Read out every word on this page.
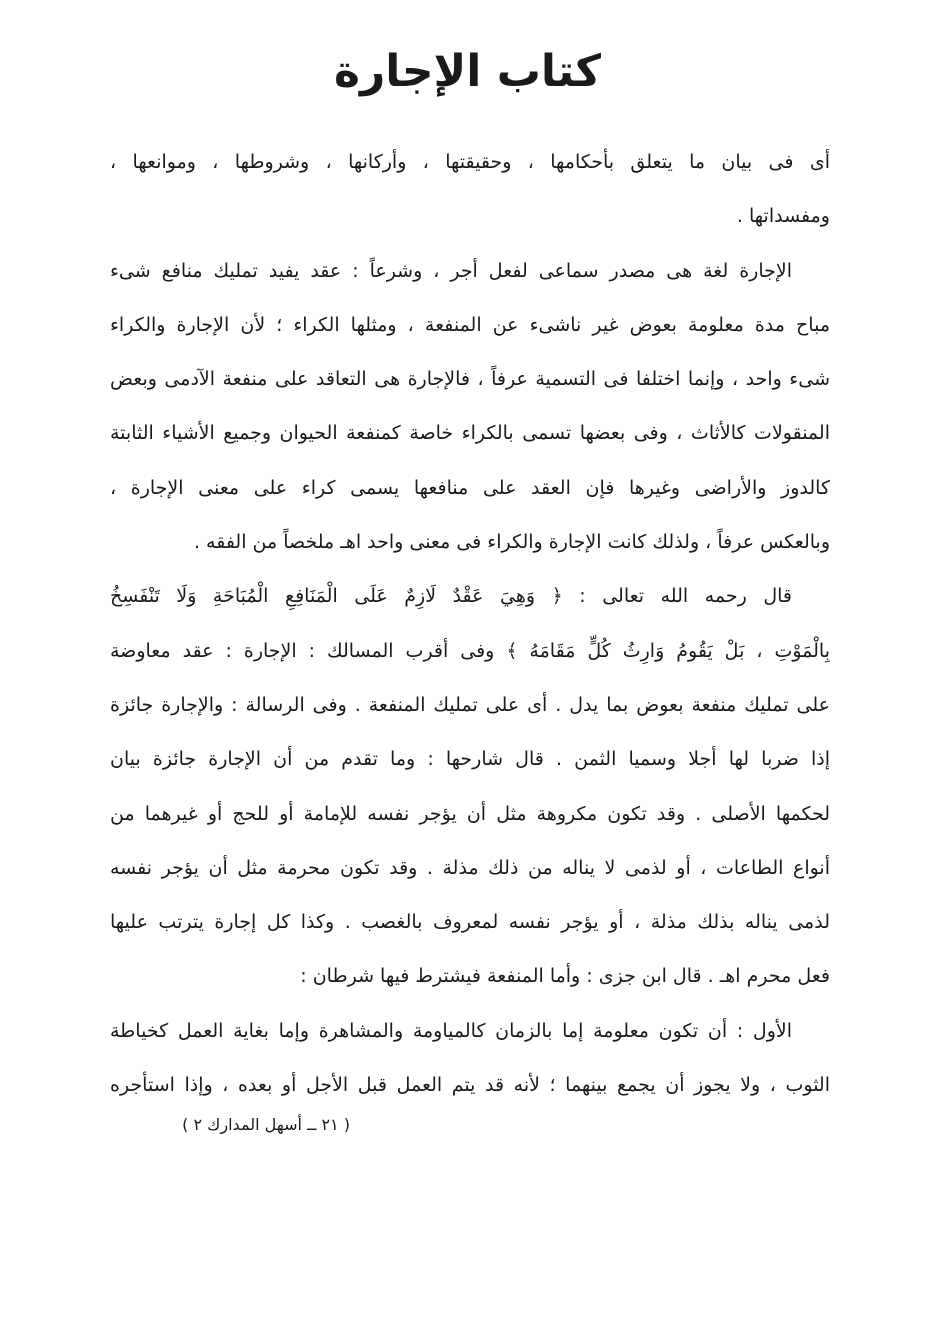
كتاب الإجارة
أى فى بيان ما يتعلق بأحكامها ، وحقيقتها ، وأركانها ، وشروطها ، وموانعها ،
ومفسداتها .
الإجارة لغة هى مصدر سماعى لفعل أجر ، وشرعاً : عقد يفيد تمليك منافع شىء
مباح مدة معلومة بعوض غير ناشىء عن المنفعة ، ومثلها الكراء ؛ لأن الإجارة والكراء
شىء واحد ، وإنما اختلفا فى التسمية عرفاً ، فالإجارة هى التعاقد على منفعة الآدمى وبعض
المنقولات كالأثاث ، وفى بعضها تسمى بالكراء خاصة كمنفعة الحيوان وجميع الأشياء الثابتة
كالدوز والأراضى وغيرها فإن العقد على منافعها يسمى كراء على معنى الإجارة ،
وبالعكس عرفاً ، ولذلك كانت الإجارة والكراء فى معنى واحد اهـ ملخصاً من الفقه .
قال رحمه الله تعالى : ﴿ وَهِيَ عَقْدٌ لَازِمٌ عَلَى الْمَنَافِعِ الْمُبَاحَةِ وَلَا تَنْفَسِخُ
بِالْمَوْتِ ، بَلْ يَقُومُ وَارِثُ كُلٍّ مَقَامَهُ ﴾ وفى أقرب المسالك : الإجارة : عقد معاوضة
على تمليك منفعة بعوض بما يدل . أى على تمليك المنفعة . وفى الرسالة : والإجارة جائزة
إذا ضربا لها أجلا وسميا الثمن . قال شارحها : وما تقدم من أن الإجارة جائزة بيان
لحكمها الأصلى . وقد تكون مكروهة مثل أن يؤجر نفسه للإمامة أو للحج أو غيرهما من
أنواع الطاعات ، أو لذمى لا يناله من ذلك مذلة . وقد تكون محرمة مثل أن يؤجر نفسه
لذمى يناله بذلك مذلة ، أو يؤجر نفسه لمعروف بالغصب . وكذا كل إجارة يترتب عليها
فعل محرم اهـ . قال ابن جزى : وأما المنفعة فيشترط فيها شرطان :
الأول : أن تكون معلومة إما بالزمان كالمياومة والمشاهرة وإما بغاية العمل كخياطة
الثوب ، ولا يجوز أن يجمع بينهما ؛ لأنه قد يتم العمل قبل الأجل أو بعده ، وإذا استأجره
( ٢١ ــ أسهل المدارك ٢ )
